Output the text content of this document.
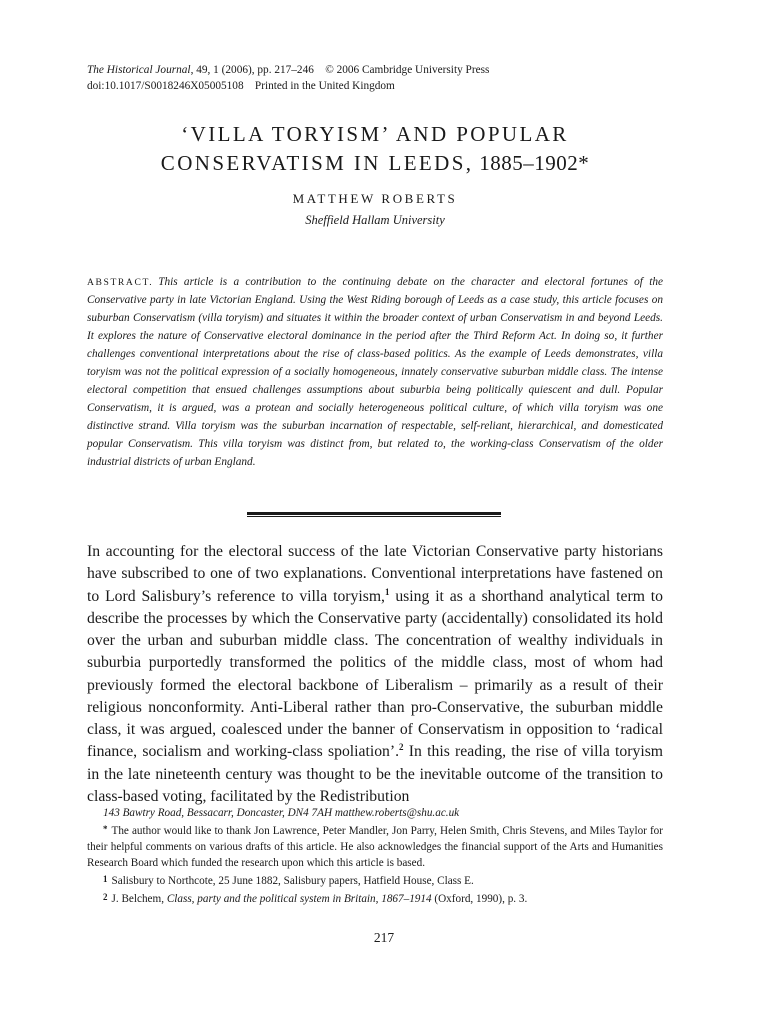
The Historical Journal, 49, 1 (2006), pp. 217–246 © 2006 Cambridge University Press
doi:10.1017/S0018246X05005108 Printed in the United Kingdom
‘VILLA TORYISM’ AND POPULAR
CONSERVATISM IN LEEDS, 1885–1902*
MATTHEW ROBERTS
Sheffield Hallam University
ABSTRACT. This article is a contribution to the continuing debate on the character and electoral fortunes of the Conservative party in late Victorian England. Using the West Riding borough of Leeds as a case study, this article focuses on suburban Conservatism (villa toryism) and situates it within the broader context of urban Conservatism in and beyond Leeds. It explores the nature of Conservative electoral dominance in the period after the Third Reform Act. In doing so, it further challenges conventional interpretations about the rise of class-based politics. As the example of Leeds demonstrates, villa toryism was not the political expression of a socially homogeneous, innately conservative suburban middle class. The intense electoral competition that ensued challenges assumptions about suburbia being politically quiescent and dull. Popular Conservatism, it is argued, was a protean and socially heterogeneous political culture, of which villa toryism was one distinctive strand. Villa toryism was the suburban incarnation of respectable, self-reliant, hierarchical, and domesticated popular Conservatism. This villa toryism was distinct from, but related to, the working-class Conservatism of the older industrial districts of urban England.
In accounting for the electoral success of the late Victorian Conservative party historians have subscribed to one of two explanations. Conventional interpretations have fastened on to Lord Salisbury’s reference to villa toryism,$^1$ using it as a shorthand analytical term to describe the processes by which the Conservative party (accidentally) consolidated its hold over the urban and suburban middle class. The concentration of wealthy individuals in suburbia purportedly transformed the politics of the middle class, most of whom had previously formed the electoral backbone of Liberalism – primarily as a result of their religious nonconformity. Anti-Liberal rather than pro-Conservative, the suburban middle class, it was argued, coalesced under the banner of Conservatism in opposition to ‘radical finance, socialism and working-class spoliation’.$^2$ In this reading, the rise of villa toryism in the late nineteenth century was thought to be the inevitable outcome of the transition to class-based voting, facilitated by the Redistribution
143 Bawtry Road, Bessacarr, Doncaster, DN4 7AH matthew.roberts@shu.ac.uk
* The author would like to thank Jon Lawrence, Peter Mandler, Jon Parry, Helen Smith, Chris Stevens, and Miles Taylor for their helpful comments on various drafts of this article. He also acknowledges the financial support of the Arts and Humanities Research Board which funded the research upon which this article is based.
1 Salisbury to Northcote, 25 June 1882, Salisbury papers, Hatfield House, Class E.
2 J. Belchem, Class, party and the political system in Britain, 1867–1914 (Oxford, 1990), p. 3.
217
